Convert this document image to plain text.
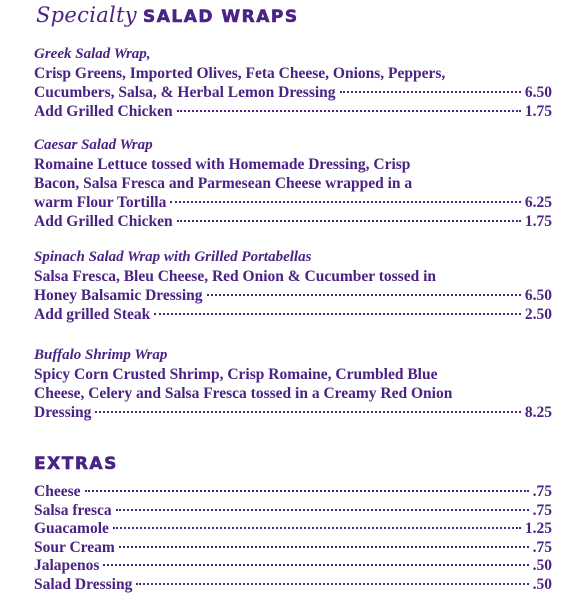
Specialty SALAD WRAPS
Greek Salad Wrap,
Crisp Greens, Imported Olives, Feta Cheese, Onions, Peppers,
Cucumbers, Salsa, & Herbal Lemon Dressing	6.50
Add Grilled Chicken	1.75
Caesar Salad Wrap
Romaine Lettuce tossed with Homemade Dressing, Crisp
Bacon, Salsa Fresca and Parmesean Cheese wrapped in a
warm Flour Tortilla	6.25
Add Grilled Chicken	1.75
Spinach Salad Wrap with Grilled Portabellas
Salsa Fresca, Bleu Cheese, Red Onion & Cucumber tossed in
Honey Balsamic Dressing	6.50
Add grilled Steak	2.50
Buffalo Shrimp Wrap
Spicy Corn Crusted Shrimp, Crisp Romaine, Crumbled Blue
Cheese, Celery and Salsa Fresca tossed in a Creamy Red Onion
Dressing	8.25
EXTRAS
Cheese	.75
Salsa fresca	.75
Guacamole	1.25
Sour Cream	.75
Jalapenos	.50
Salad Dressing	.50
